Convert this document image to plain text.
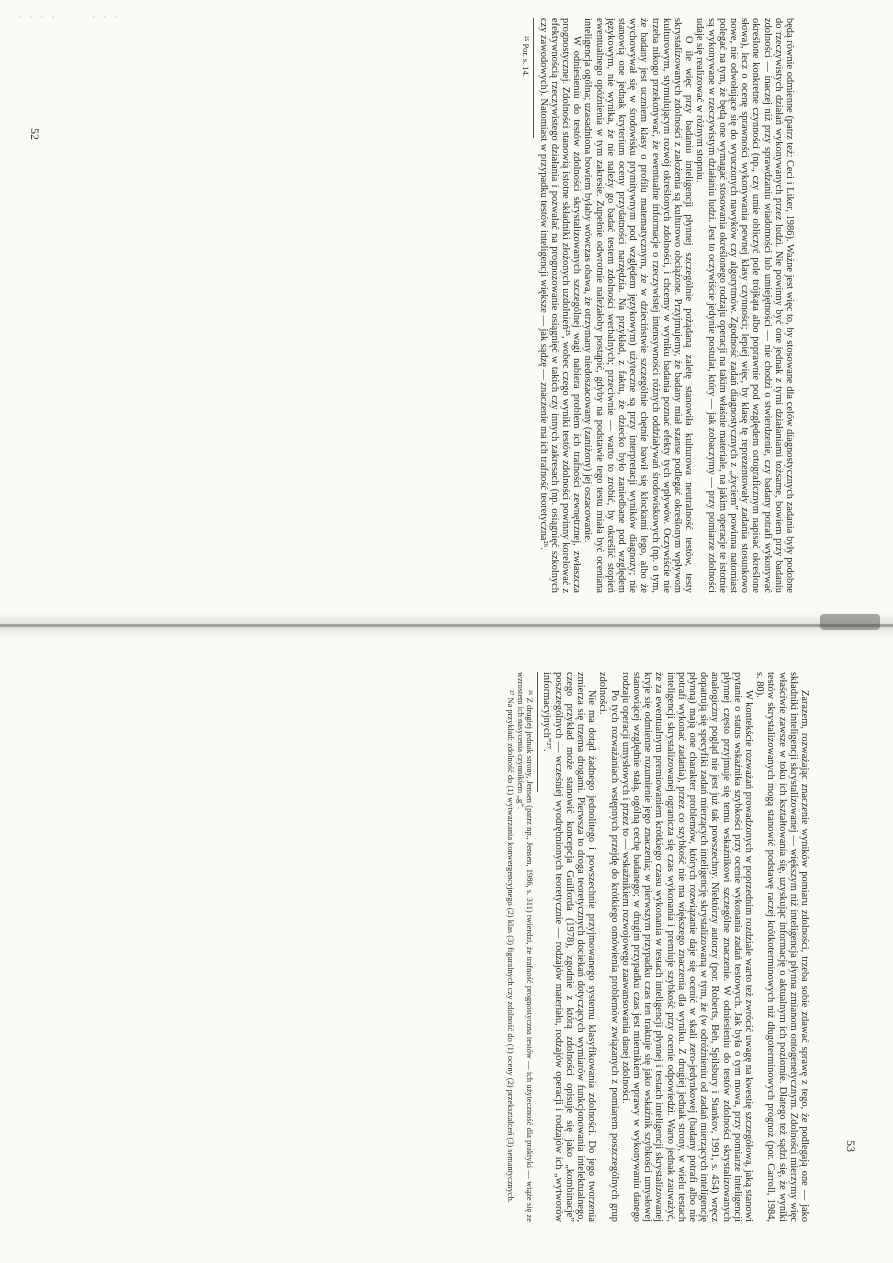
· · · ·	· · ·

będą równie odmienne (patrz też: Ceci i Liker, 1986). Ważne jest więc to, by stosowane dla celów diagnostycznych zadania były podobne do rzeczywistych działań wykonywanych przez ludzi. Nie powinny być one jednak z tymi działaniami tożsame, bowiem przy badaniu zdolności — inaczej niż przy sprawdzaniu wiadomości lub umiejętności — nie chodzi o stwierdzenie, czy badany potrafi wykonywać określone konkretne czynności (np., czy umie obliczyć pole trójkąta albo poprawnie pod względem ortograficznym napisać określone słowa), lecz o ocenę sprawności wykonywania pewnej klasy czynności; lepiej więc, by klasę tę reprezentowały zadania stosunkowo nowe, nie odwołujące się do wyuczonych nawyków czy algorytmów. Zgodność zadań diagnostycznych z „życiem” powinna natomiast polegać na tym, że będą one wymagać stosowania określonego rodzaju operacji na takim właśnie materiale, na jakim operacje te istotnie są wykonywane w rzeczywistym działaniu ludzi. Jest to oczywiście jedynie postulat, który — jak zobaczymy — przy pomiarze zdolności udaje się realizować w różnym stopniu.

O ile więc przy badaniu inteligencji płynnej szczególnie pożądaną zaletę stanowiła kulturowa neutralność testów, testy skrystalizowanych zdolności z założenia są kulturowo obciążone. Przyjmujemy, że badany miał szanse podlegać określonym wpływom kulturowym, stymulującym rozwój określonych zdolności, i chcemy w wyniku badania poznać efekty tych wpływów. Oczywiście nie trzeba nikogo przekonywać, że ewentualne informacje o rzeczywistej intensywności różnych oddziaływań środowiskowych (np. o tym, że badany jest uczniem klasy o profilu matematycznym, że w dzieciństwie szczególnie chętnie bawił się klockami lego, albo że wychowywał się w środowisku prymitywnym pod względem językowym) użyteczne są przy interpretacji wyników diagnozy; nie stanowią one jednak kryterium oceny przydatności narzędzia. Na przykład, z faktu, że dziecko było zaniedbane pod względem językowym, nie wynika, że nie należy go badać testem zdolności werbalnych; przeciwnie — warto to zrobić, by określić stopień ewentualnego opóźnienia w tym zakresie. Zupełnie odwrotnie należałoby postąpić, gdyby na podstawie tego testu miała być oceniana inteligencja ogólna; uzasadniona bowiem byłaby wówczas obawa, że otrzymany niedoszacowany (zaniżony) jej oszacowanie.

W odniesieniu do testów zdolności skrystalizowanych szczególnej wagi nabiera problem ich trafności zewnętrznej, zwłaszcza prognostycznej. Zdolności stanowią istotne składniki złożonych uzdolnień²⁵, wobec czego wyniki testów zdolności powinny korelować z efektywnością rzeczywistego działania i pozwalać na prognozowanie osiągnięć w takich czy innych zakresach (np. osiągnięć szkolnych czy zawodowych). Natomiast w przypadku testów inteligencji większe — jak sądzę — znaczenie ma ich trafność teoretyczna²⁶.

²⁵ Por. s. 14.

52

Zarazem, rozważając znaczenie wyników pomiaru zdolności, trzeba sobie zdawać sprawę z tego, że podlegają one — jako składniki inteligencji skrystalizowanej — większym niż inteligencja płynna zmianom ontogenetycznym. Zdolności mierzymy więc właściwie zawsze w toku ich kształtowania się, uzyskując informację o aktualnym ich poziomie. Dlatego też sądzi się, że wyniki testów skrystalizowanych mogą stanowić podstawę raczej krótkoterminowych niż długoterminowych prognoz (por. Carroll, 1984, s. 80).

W kontekście rozważań prowadzonych w poprzednim rozdziale warto też zwrócić uwagę na kwestię szczegółową, jaką stanowi pytanie o status wskaźnika szybkości przy ocenie wykonania zadań testowych. Jak była o tym mowa, przy pomiarze inteligencji płynnej często przyjmuje się temu wskaźnikowi szczególne znaczenie. W odniesieniu do testów zdolności skrystalizowanych analogiczny pogląd nie jest już tak powszechny. Niektórzy autorzy (por. Roberts, Beh, Spilsbury i Stankov, 1991, s. 454) wręcz dopatrują się specyfiki zadań mierzących inteligencję skrystalizowaną w tym, że (w odróżnieniu od zadań mierzących inteligencję płynną) mają one charakter problemów, których rozwiązanie daje się ocenić w skali zero-jedynkowej (badany potrafi albo nie potrafi wykonać zadania), przez co szybkość nie ma większego znaczenia dla wyniku. Z drugiej jednak strony, w wielu testach inteligencji skrystalizowanej ogranicza się czas wykonania i premiuje szybkość przy ocenie odpowiedzi. Warto jednak zauważyć, że za ewentualnym premiowaniem krótkiego czasu wykonania w testach inteligencji płynnej i testach inteligencji skrystalizowanej kryje się odmienne rozumienie jego znaczenia; w pierwszym przypadku czas ten traktuje się jako wskaźnik szybkości umysłowej stanowiącej względnie stałą, ogólną cechę badanego; w drugim przypadku czas jest miernikiem wprawy w wykonywaniu danego rodzaju operacji umysłowych i przez to — wskaźnikiem rozwojowego zaawansowania danej zdolności.

Po tych rozważaniach wstępnych przejdę do krótkiego omówienia problemów związanych z pomiarem poszczególnych grup zdolności.

Nie ma dotąd żadnego jednolitego i powszechnie przyjmowanego systemu klasyfikowania zdolności. Do jego tworzenia zmierza się trzema drogami. Pierwsza to droga teoretycznych dociekań dotyczących wymiarów funkcjonowania intelektualnego, czego przykład może stanowić koncepcja Guilforda (1978), zgodnie z którą zdolności opisuje się jako „kombinacje” poszczególnych — wcześniej wyodrębnionych teoretycznie — rodzajów materiału, rodzajów operacji i rodzajów ich „wytworów informacyjnych”²⁷.

²⁶ Z drugiej jednak strony, Jensen (patrz np., Jensen, 1986, s. 311) twierdzi, że trafność prognostyczna testów — ich użyteczność dla praktyki — wiąże się ze wzrostem ich nasycenia czynnikiem „g”.

²⁷ Na przykład: zdolność do (1) wytwarzania konwergencyjnego (2) klas (3) figuralnych czy zdolność do (1) oceny (2) przekształceń (3) semantycznych.	53
